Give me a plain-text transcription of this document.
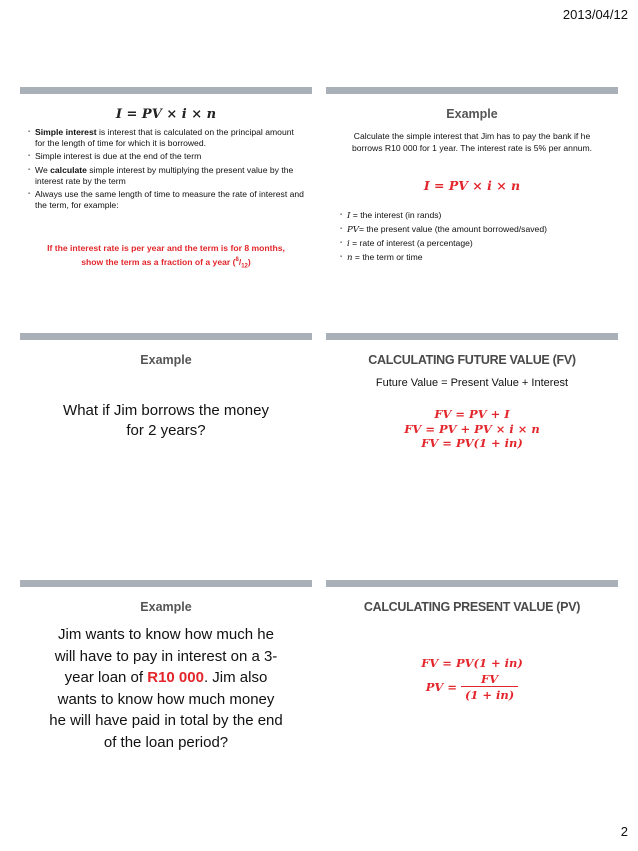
2013/04/12
I = PV × i × n
▪ Simple interest is interest that is calculated on the principal amount for the length of time for which it is borrowed.
▪ Simple interest is due at the end of the term
▪ We calculate simple interest by multiplying the present value by the interest rate by the term
▪ Always use the same length of time to measure the rate of interest and the term, for example:
If the interest rate is per year and the term is for 8 months,
show the term as a fraction of a year $(^8/_{12})$
Example
Calculate the simple interest that Jim has to pay the bank if he borrows R10 000 for 1 year. The interest rate is 5% per annum.
I = PV × i × n
▪ I = the interest (in rands)
▪ PV= the present value (the amount borrowed/saved)
▪ i = rate of interest (a percentage)
▪ n = the term or time
Example
What if Jim borrows the money for 2 years?
CALCULATING FUTURE VALUE (FV)
Future Value = Present Value + Interest
FV = PV + I
FV = PV + PV × i × n
FV = PV(1 + in)
Example
Jim wants to know how much he will have to pay in interest on a 3-year loan of R10 000. Jim also wants to know how much money he will have paid in total by the end of the loan period?
CALCULATING PRESENT VALUE (PV)
FV = PV(1 + in)
PV = $\frac{FV}{(1 + in)}$
2
